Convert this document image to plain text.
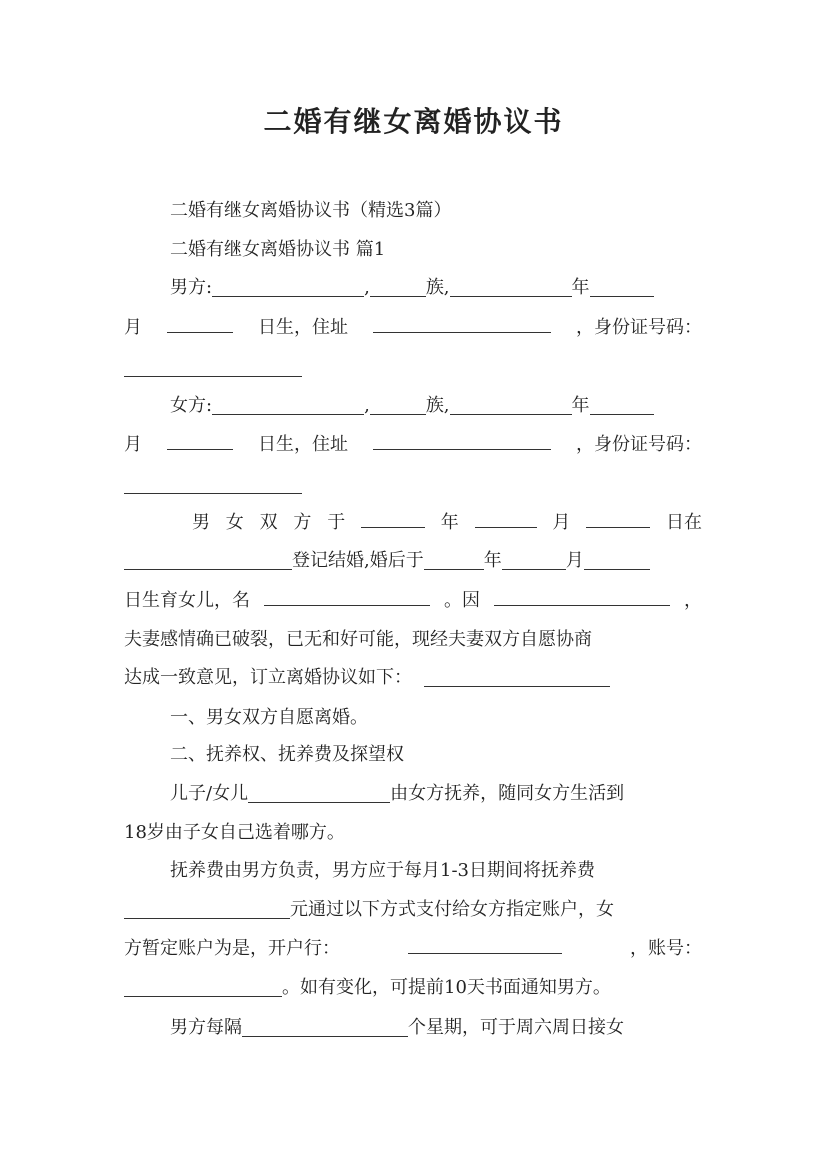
二婚有继女离婚协议书

二婚有继女离婚协议书（精选3篇）

二婚有继女离婚协议书 篇1

男方:	,	族,	年
月	日生，住址	，身份证号码：
女方:	,	族,	年
月	日生，住址	，身份证号码：
男 女 双 方 于	年	月	日在
登记结婚,婚后于	年	月
日生育女儿，名	。因	，

夫妻感情确已破裂，已无和好可能，现经夫妻双方自愿协商

达成一致意见，订立离婚协议如下：

一、男女双方自愿离婚。

二、抚养权、抚养费及探望权

儿子/女儿	由女方抚养，随同女方生活到

18岁由子女自己选着哪方。

抚养费由男方负责，男方应于每月1-3日期间将抚养费

元通过以下方式支付给女方指定账户，女
方暂定账户为是，开户行：	，账号：
。如有变化，可提前10天书面通知男方。
男方每隔	个星期，可于周六周日接女
